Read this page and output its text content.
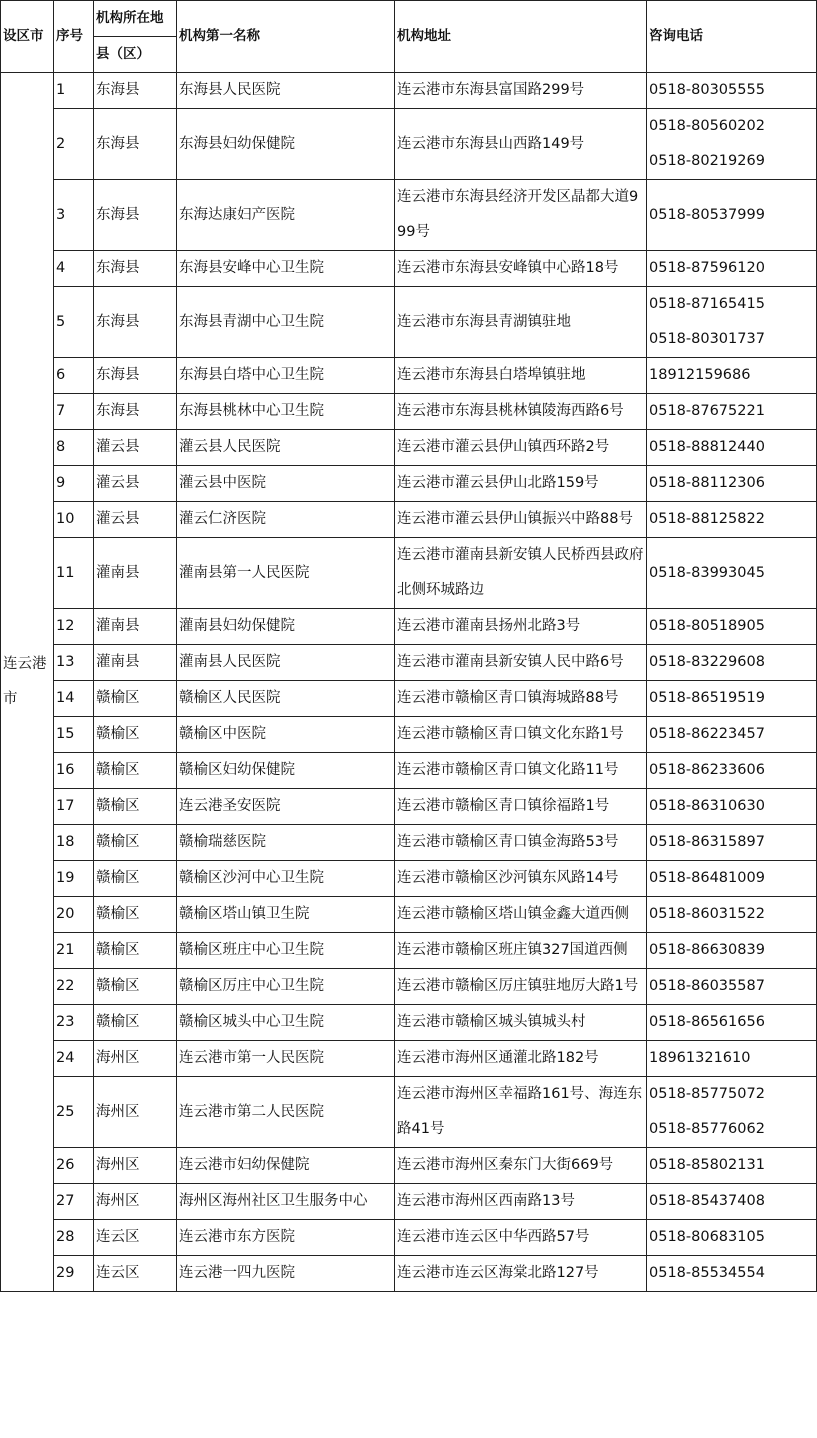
设区市	序号	机构所在地	机构第一名称	机构地址	咨询电话
		县（区）			
连云港市	1	东海县	东海县人民医院	连云港市东海县富国路299号	0518-80305555

	2	东海县	东海县妇幼保健院	连云港市东海县山西路149号	0518-80560202
0518-80219269

	3	东海县	东海达康妇产医院	连云港市东海县经济开发区晶都大道999号	0518-80537999

	4	东海县	东海县安峰中心卫生院	连云港市东海县安峰镇中心路18号	0518-87596120

	5	东海县	东海县青湖中心卫生院	连云港市东海县青湖镇驻地	0518-87165415
0518-80301737

	6	东海县	东海县白塔中心卫生院	连云港市东海县白塔埠镇驻地	18912159686

	7	东海县	东海县桃林中心卫生院	连云港市东海县桃林镇陵海西路6号	0518-87675221

	8	灌云县	灌云县人民医院	连云港市灌云县伊山镇西环路2号	0518-88812440

	9	灌云县	灌云县中医院	连云港市灌云县伊山北路159号	0518-88112306

	10	灌云县	灌云仁济医院	连云港市灌云县伊山镇振兴中路88号	0518-88125822

	11	灌南县	灌南县第一人民医院	连云港市灌南县新安镇人民桥西县政府北侧环城路边	0518-83993045

	12	灌南县	灌南县妇幼保健院	连云港市灌南县扬州北路3号	0518-80518905

	13	灌南县	灌南县人民医院	连云港市灌南县新安镇人民中路6号	0518-83229608

	14	赣榆区	赣榆区人民医院	连云港市赣榆区青口镇海城路88号	0518-86519519

	15	赣榆区	赣榆区中医院	连云港市赣榆区青口镇文化东路1号	0518-86223457

	16	赣榆区	赣榆区妇幼保健院	连云港市赣榆区青口镇文化路11号	0518-86233606

	17	赣榆区	连云港圣安医院	连云港市赣榆区青口镇徐福路1号	0518-86310630

	18	赣榆区	赣榆瑞慈医院	连云港市赣榆区青口镇金海路53号	0518-86315897

	19	赣榆区	赣榆区沙河中心卫生院	连云港市赣榆区沙河镇东风路14号	0518-86481009

	20	赣榆区	赣榆区塔山镇卫生院	连云港市赣榆区塔山镇金鑫大道西侧	0518-86031522

	21	赣榆区	赣榆区班庄中心卫生院	连云港市赣榆区班庄镇327国道西侧	0518-86630839

	22	赣榆区	赣榆区厉庄中心卫生院	连云港市赣榆区厉庄镇驻地厉大路1号	0518-86035587

	23	赣榆区	赣榆区城头中心卫生院	连云港市赣榆区城头镇城头村	0518-86561656

	24	海州区	连云港市第一人民医院	连云港市海州区通灌北路182号	18961321610

	25	海州区	连云港市第二人民医院	连云港市海州区幸福路161号、海连东路41号	0518-85775072
0518-85776062

	26	海州区	连云港市妇幼保健院	连云港市海州区秦东门大街669号	0518-85802131

	27	海州区	海州区海州社区卫生服务中心	连云港市海州区西南路13号	0518-85437408

	28	连云区	连云港市东方医院	连云港市连云区中华西路57号	0518-80683105

	29	连云区	连云港一四九医院	连云港市连云区海棠北路127号	0518-85534554
